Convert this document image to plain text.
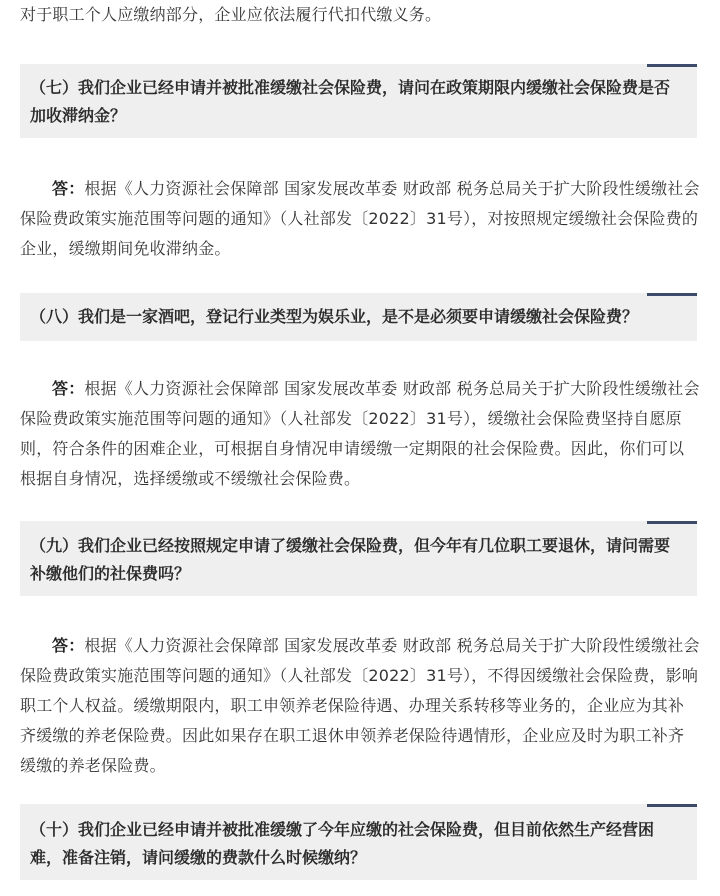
对于职工个人应缴纳部分，企业应依法履行代扣代缴义务。

（七）我们企业已经申请并被批准缓缴社会保险费，请问在政策期限内缓缴社会保险费是否加收滞纳金？

答：根据《人力资源社会保障部 国家发展改革委 财政部 税务总局关于扩大阶段性缓缴社会保险费政策实施范围等问题的通知》（人社部发〔2022〕31号），对按照规定缓缴社会保险费的企业，缓缴期间免收滞纳金。

（八）我们是一家酒吧，登记行业类型为娱乐业，是不是必须要申请缓缴社会保险费？

答：根据《人力资源社会保障部 国家发展改革委 财政部 税务总局关于扩大阶段性缓缴社会保险费政策实施范围等问题的通知》（人社部发〔2022〕31号），缓缴社会保险费坚持自愿原则，符合条件的困难企业，可根据自身情况申请缓缴一定期限的社会保险费。因此，你们可以根据自身情况，选择缓缴或不缓缴社会保险费。

（九）我们企业已经按照规定申请了缓缴社会保险费，但今年有几位职工要退休，请问需要补缴他们的社保费吗？

答：根据《人力资源社会保障部 国家发展改革委 财政部 税务总局关于扩大阶段性缓缴社会保险费政策实施范围等问题的通知》（人社部发〔2022〕31号），不得因缓缴社会保险费，影响职工个人权益。缓缴期限内，职工申领养老保险待遇、办理关系转移等业务的，企业应为其补齐缓缴的养老保险费。因此如果存在职工退休申领养老保险待遇情形，企业应及时为职工补齐缓缴的养老保险费。

（十）我们企业已经申请并被批准缓缴了今年应缴的社会保险费，但目前依然生产经营困难，准备注销，请问缓缴的费款什么时候缴纳？
